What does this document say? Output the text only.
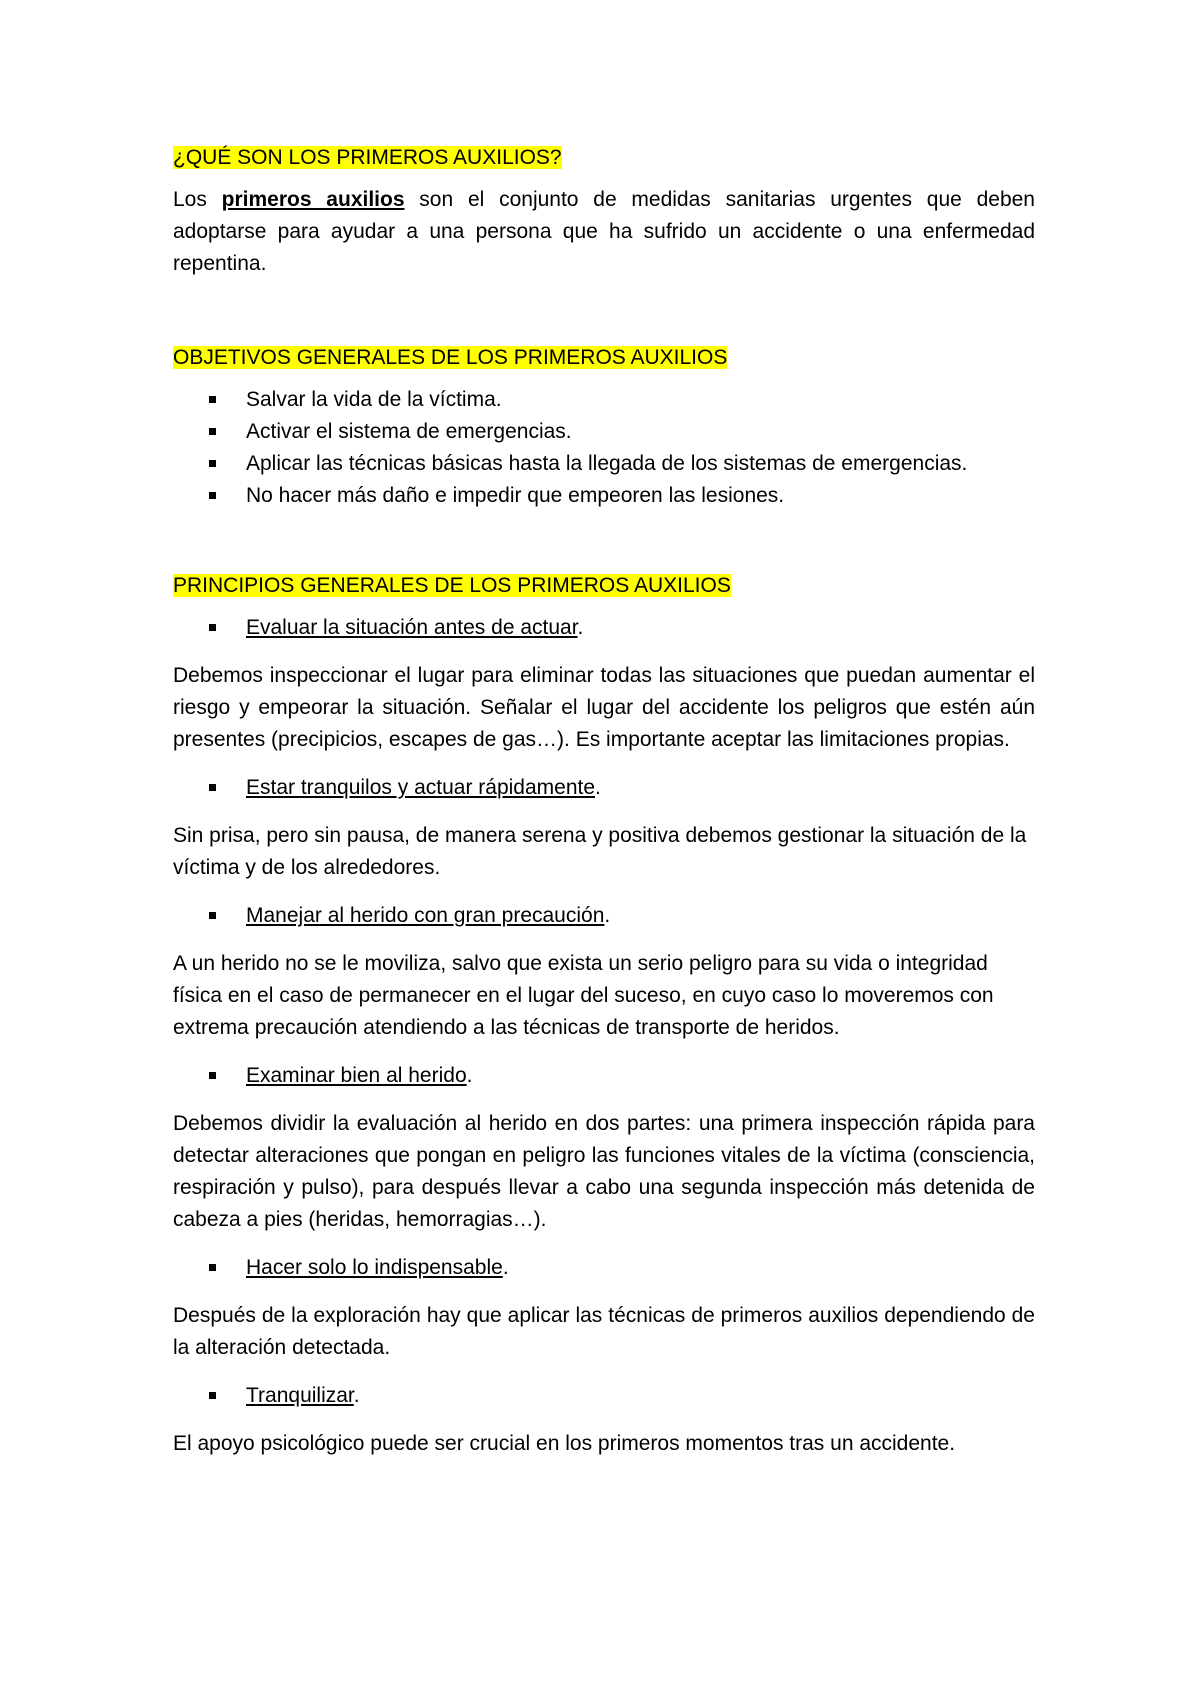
¿QUÉ SON LOS PRIMEROS AUXILIOS?

Los primeros auxilios son el conjunto de medidas sanitarias urgentes que deben adoptarse para ayudar a una persona que ha sufrido un accidente o una enfermedad repentina.

OBJETIVOS GENERALES DE LOS PRIMEROS AUXILIOS
Salvar la vida de la víctima.
Activar el sistema de emergencias.
Aplicar las técnicas básicas hasta la llegada de los sistemas de emergencias.
No hacer más daño e impedir que empeoren las lesiones.
PRINCIPIOS GENERALES DE LOS PRIMEROS AUXILIOS
Evaluar la situación antes de actuar.

Debemos inspeccionar el lugar para eliminar todas las situaciones que puedan aumentar el riesgo y empeorar la situación. Señalar el lugar del accidente los peligros que estén aún presentes (precipicios, escapes de gas…). Es importante aceptar las limitaciones propias.

Estar tranquilos y actuar rápidamente.

Sin prisa, pero sin pausa, de manera serena y positiva debemos gestionar la situación de la víctima y de los alrededores.

Manejar al herido con gran precaución.

A un herido no se le moviliza, salvo que exista un serio peligro para su vida o integridad física en el caso de permanecer en el lugar del suceso, en cuyo caso lo moveremos con extrema precaución atendiendo a las técnicas de transporte de heridos.

Examinar bien al herido.

Debemos dividir la evaluación al herido en dos partes: una primera inspección rápida para detectar alteraciones que pongan en peligro las funciones vitales de la víctima (consciencia, respiración y pulso), para después llevar a cabo una segunda inspección más detenida de cabeza a pies (heridas, hemorragias…).

Hacer solo lo indispensable.

Después de la exploración hay que aplicar las técnicas de primeros auxilios dependiendo de la alteración detectada.

Tranquilizar.

El apoyo psicológico puede ser crucial en los primeros momentos tras un accidente.
